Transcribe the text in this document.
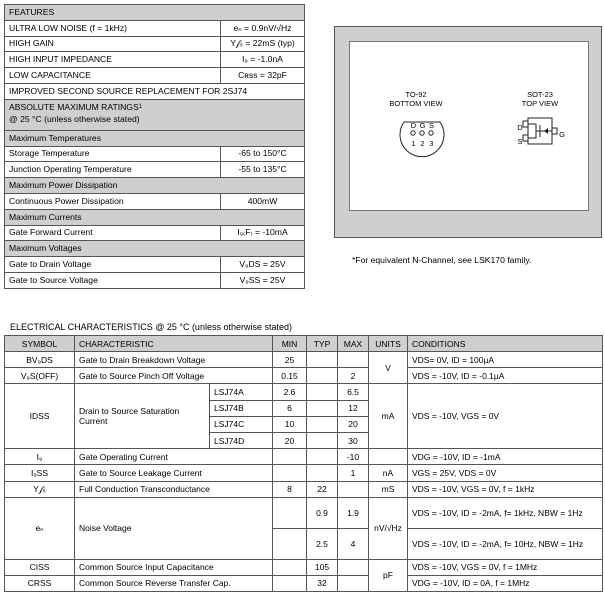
FEATURES	
ULTRA LOW NOISE (f = 1kHz)	eₙ = 0.9nV/√Hz
HIGH GAIN	Y𝒻ₛ = 22mS (typ)
HIGH INPUT IMPEDANCE	I₉ = -1.0nA
LOW CAPACITANCE	Cʀss = 32pF
IMPROVED SECOND SOURCE REPLACEMENT FOR 2SJ74	
ABSOLUTE MAXIMUM RATINGS$^1$
@ 25 °C (unless otherwise stated)	
Maximum Temperatures	
Storage Temperature	-65 to 150°C
Junction Operating Temperature	-55 to 135°C
Maximum Power Dissipation	
Continuous Power Dissipation	400mW
Maximum Currents	
Gate Forward Current	I₉₍F₎ = -10mA
Maximum Voltages	
Gate to Drain Voltage	V₉DS = 25V
Gate to Source Voltage	V₉SS = 25V
TO-92
BOTTOM VIEW
D G S
1 2 3
SOT-23
TOP VIEW
D
S
G
*For equivalent N-Channel, see LSK170 family.
ELECTRICAL CHARACTERISTICS @ 25 °C (unless otherwise stated)
SYMBOL	CHARACTERISTIC		MIN	TYP	MAX	UNITS	CONDITIONS
BV₉DS	Gate to Drain Breakdown Voltage		25			V	VDS= 0V, ID = 100µA
V₉S(OFF)	Gate to Source Pinch Off Voltage		0.15		2		VDS = -10V, ID = -0.1µA
IDSS	Drain to Source Saturation Current	LSJ74A	2.6		6.5	mA	VDS = -10V, VGS = 0V
		LSJ74B	6		12		
		LSJ74C	10		20		
		LSJ74D	20		30		
I₉	Gate Operating Current				-10		VDG = -10V, ID = -1mA
I₉SS	Gate to Source Leakage Current				1	nA	VGS = 25V, VDS = 0V
Y𝒻ₛ	Full Conduction Transconductance		8	22		mS	VDS = -10V, VGS = 0V, f = 1kHz
eₙ	Noise Voltage			0.9	1.9	nV/√Hz	VDS = -10V, ID = -2mA, f= 1kHz, NBW = 1Hz
				2.5	4		VDS = -10V, ID = -2mA, f= 10Hz, NBW = 1Hz
CISS	Common Source Input Capacitance			105		pF	VDS = -10V, VGS = 0V, f = 1MHz
CRSS	Common Source Reverse Transfer Cap.			32			VDG = -10V, ID = 0A, f = 1MHz
